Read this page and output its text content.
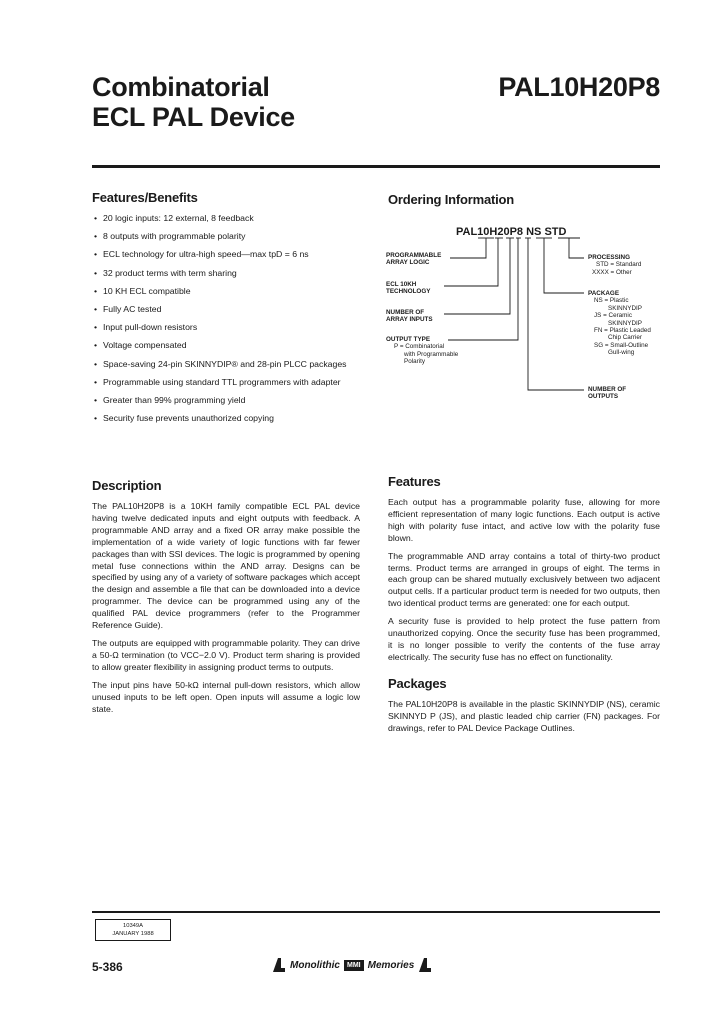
Combinatorial
ECL PAL Device
PAL10H20P8
Features/Benefits
• 20 logic inputs: 12 external, 8 feedback
• 8 outputs with programmable polarity
• ECL technology for ultra-high speed—max tpD = 6 ns
• 32 product terms with term sharing
• 10 KH ECL compatible
• Fully AC tested
• Input pull-down resistors
• Voltage compensated
• Space-saving 24-pin SKINNYDIP® and 28-pin PLCC packages
• Programmable using standard TTL programmers with adapter
• Greater than 99% programming yield
• Security fuse prevents unauthorized copying
Ordering Information
PAL10H20P8 NS STD
PROGRAMMABLE
ARRAY LOGIC
ECL 10KH
TECHNOLOGY
NUMBER OF
ARRAY INPUTS
OUTPUT TYPE
P = Combinatorial
with Programmable
Polarity
PROCESSING
STD = Standard
XXXX = Other
PACKAGE
NS = Plastic
SKINNYDIP
JS = Ceramic
SKINNYDIP
FN = Plastic Leaded
Chip Carrier
SG = Small-Outline
Gull-wing
NUMBER OF
OUTPUTS
Description

The PAL10H20P8 is a 10KH family compatible ECL PAL device having twelve dedicated inputs and eight outputs with feedback. A programmable AND array and a fixed OR array make possible the implementation of a wide variety of logic functions with far fewer packages than with SSI devices. The logic is programmed by opening metal fuse connections within the AND array. Designs can be specified by using any of a variety of software packages which accept the design and assemble a file that can be downloaded into a device programmer. The device can be programmed using any of the qualified PAL device programmers (refer to the Programmer Reference Guide).

The outputs are equipped with programmable polarity. They can drive a 50-Ω termination (to VCC−2.0 V). Product term sharing is provided to allow greater flexibility in assigning product terms to outputs.

The input pins have 50-kΩ internal pull-down resistors, which allow unused inputs to be left open. Open inputs will assume a logic low state.

Features

Each output has a programmable polarity fuse, allowing for more efficient representation of many logic functions. Each output is active high with polarity fuse intact, and active low with the polarity fuse blown.

The programmable AND array contains a total of thirty-two product terms. Product terms are arranged in groups of eight. The terms in each group can be shared mutually exclusively between two adjacent output cells. If a particular product term is needed for two outputs, then two identical product terms are generated: one for each output.

A security fuse is provided to help protect the fuse pattern from unauthorized copying. Once the security fuse has been programmed, it is no longer possible to verify the contents of the fuse array electrically. The security fuse has no effect on functionality.

Packages

The PAL10H20P8 is available in the plastic SKINNYDIP (NS), ceramic SKINNYD P (JS), and plastic leaded chip carrier (FN) packages. For drawings, refer to PAL Device Package Outlines.

10349A
JANUARY 1988
5-386	Monolithic	MMI Memories
